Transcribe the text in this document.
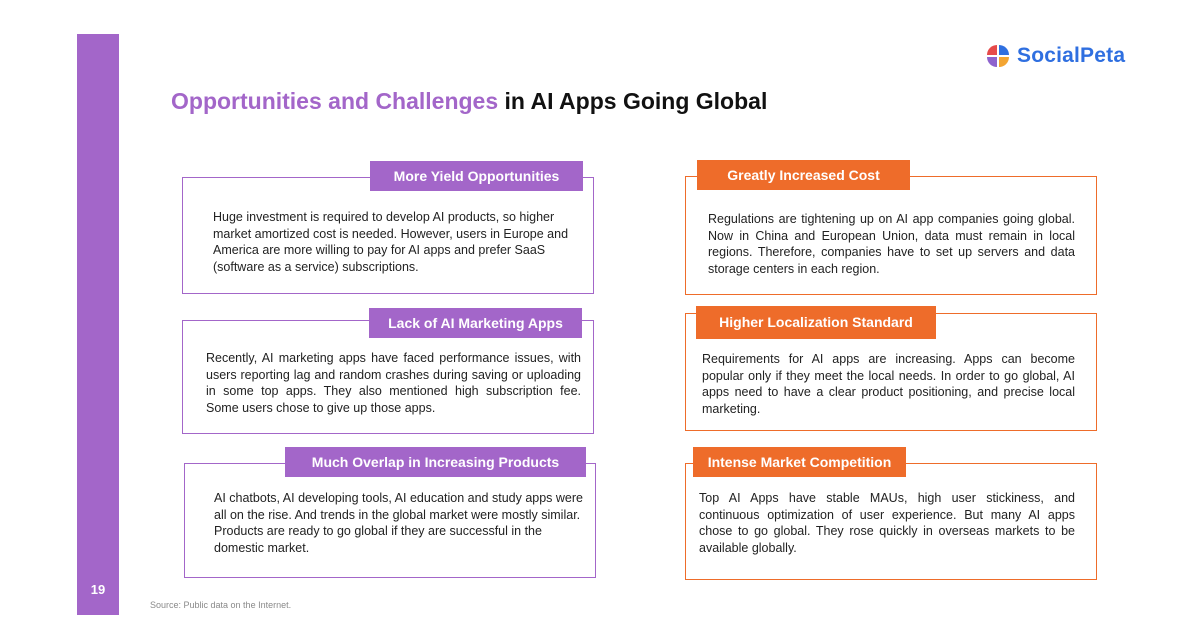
19
SocialPeta
Opportunities and Challenges in AI Apps Going Global

Huge investment is required to develop AI products, so higher market amortized cost is needed. However, users in Europe and America are more willing to pay for AI apps and prefer SaaS (software as a service) subscriptions.

More Yield Opportunities

Recently, AI marketing apps have faced performance issues, with users reporting lag and random crashes during saving or uploading in some top apps. They also mentioned high subscription fee. Some users chose to give up those apps.

Lack of AI Marketing Apps

AI chatbots, AI developing tools, AI education and study apps were all on the rise. And trends in the global market were mostly similar. Products are ready to go global if they are successful in the domestic market.

Much Overlap in Increasing Products

Regulations are tightening up on AI app companies going global. Now in China and European Union, data must remain in local regions. Therefore, companies have to set up servers and data storage centers in each region.

Greatly Increased Cost

Requirements for AI apps are increasing. Apps can become popular only if they meet the local needs. In order to go global, AI apps need to have a clear product positioning, and precise local marketing.

Higher Localization Standard

Top AI Apps have stable MAUs, high user stickiness, and continuous optimization of user experience. But many AI apps chose to go global. They rose quickly in overseas markets to be available globally.

Intense Market Competition
Source: Public data on the Internet.
